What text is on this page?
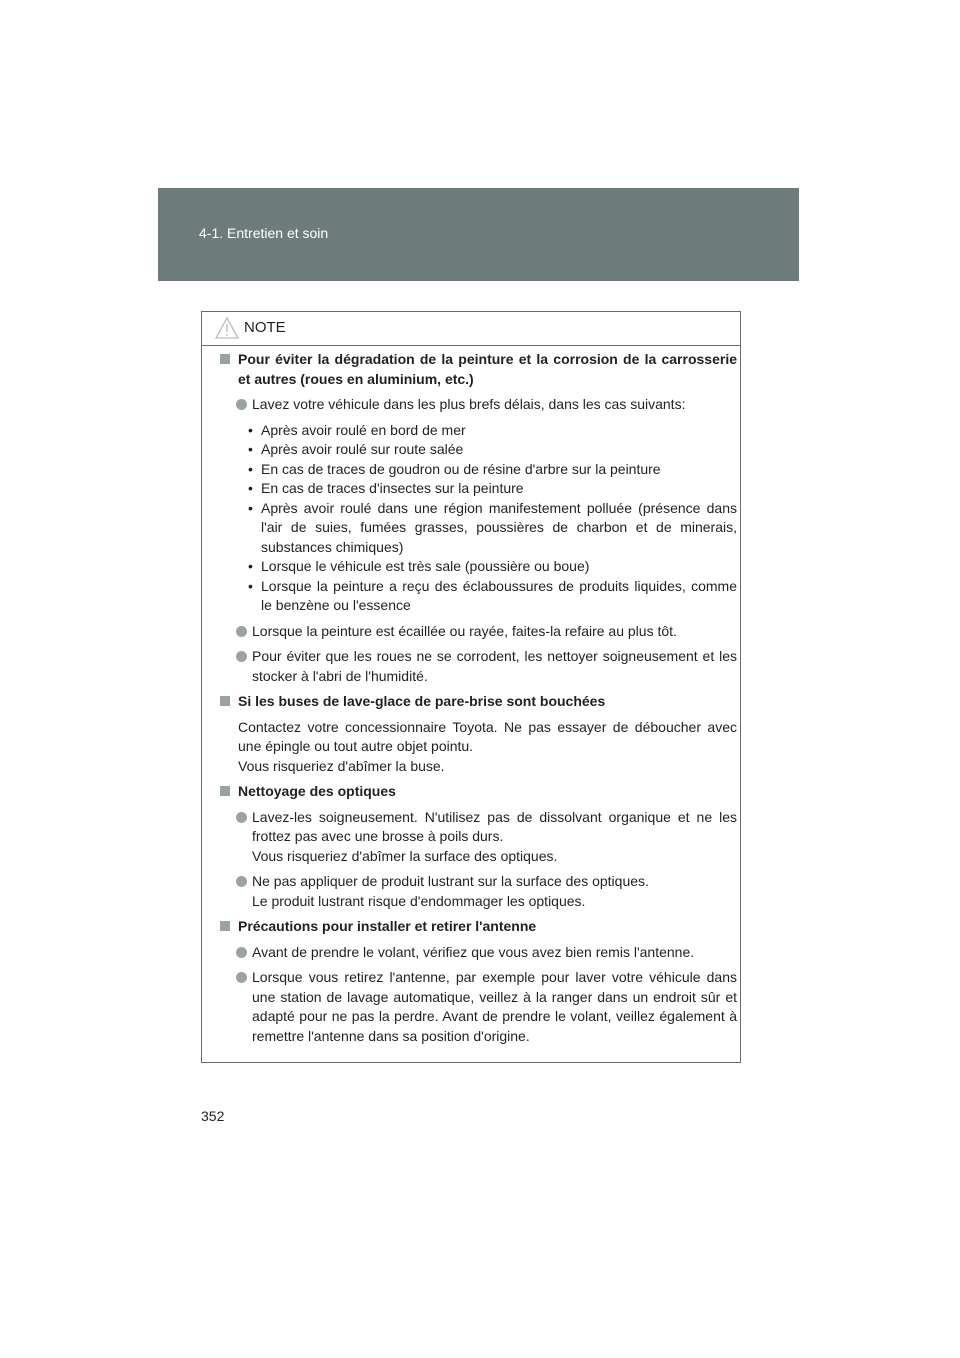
4-1. Entretien et soin
NOTE

Pour éviter la dégradation de la peinture et la corrosion de la carrosserie et autres (roues en aluminium, etc.)

Lavez votre véhicule dans les plus brefs délais, dans les cas suivants:

• Après avoir roulé en bord de mer

• Après avoir roulé sur route salée

• En cas de traces de goudron ou de résine d'arbre sur la peinture

• En cas de traces d'insectes sur la peinture

• Après avoir roulé dans une région manifestement polluée (présence dans l'air de suies, fumées grasses, poussières de charbon et de minerais, substances chimiques)

• Lorsque le véhicule est très sale (poussière ou boue)

• Lorsque la peinture a reçu des éclaboussures de produits liquides, comme le benzène ou l'essence

Lorsque la peinture est écaillée ou rayée, faites-la refaire au plus tôt.

Pour éviter que les roues ne se corrodent, les nettoyer soigneusement et les stocker à l'abri de l'humidité.

Si les buses de lave-glace de pare-brise sont bouchées

Contactez votre concessionnaire Toyota. Ne pas essayer de déboucher avec une épingle ou tout autre objet pointu.

Vous risqueriez d'abîmer la buse.

Nettoyage des optiques

Lavez-les soigneusement. N'utilisez pas de dissolvant organique et ne les frottez pas avec une brosse à poils durs.
Vous risqueriez d'abîmer la surface des optiques.

Ne pas appliquer de produit lustrant sur la surface des optiques.
Le produit lustrant risque d'endommager les optiques.

Précautions pour installer et retirer l'antenne

Avant de prendre le volant, vérifiez que vous avez bien remis l'antenne.

Lorsque vous retirez l'antenne, par exemple pour laver votre véhicule dans une station de lavage automatique, veillez à la ranger dans un endroit sûr et adapté pour ne pas la perdre. Avant de prendre le volant, veillez également à remettre l'antenne dans sa position d'origine.

352
